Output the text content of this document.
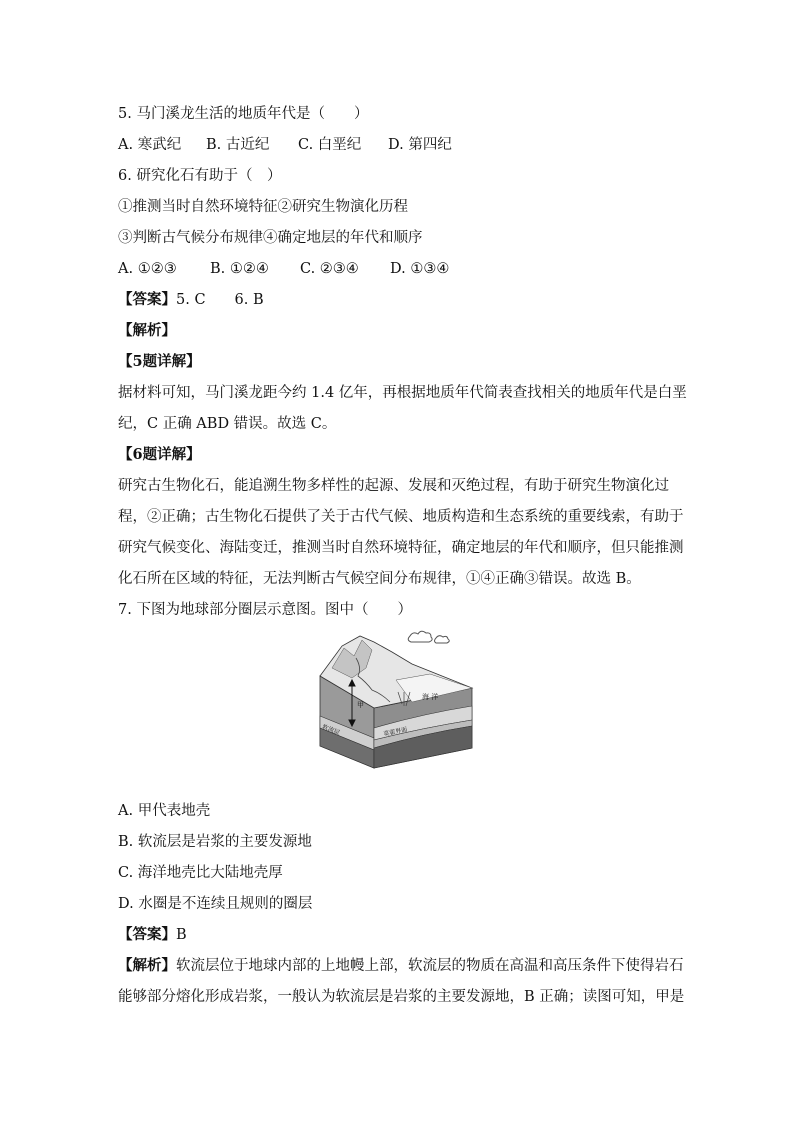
5. 马门溪龙生活的地质年代是（　　）
A. 寒武纪 B. 古近纪 C. 白垩纪 D. 第四纪
6. 研究化石有助于（　）
①推测当时自然环境特征②研究生物演化历程
③判断古气候分布规律④确定地层的年代和顺序
A. ①②③ B. ①②④ C. ②③④ D. ①③④
【答案】5. C　　6. B
【解析】
【5题详解】
据材料可知，马门溪龙距今约 1.4 亿年，再根据地质年代简表查找相关的地质年代是白垩
纪，C 正确 ABD 错误。故选 C。
【6题详解】
研究古生物化石，能追溯生物多样性的起源、发展和灭绝过程，有助于研究生物演化过
程，②正确；古生物化石提供了关于古代气候、地质构造和生态系统的重要线索，有助于
研究气候变化、海陆变迁，推测当时自然环境特征，确定地层的年代和顺序，但只能推测
化石所在区域的特征，无法判断古气候空间分布规律，①④正确③错误。故选 B。
7. 下图为地球部分圈层示意图。图中（　　）
甲
海 洋
软流层	莫霍界面
A. 甲代表地壳
B. 软流层是岩浆的主要发源地
C. 海洋地壳比大陆地壳厚
D. 水圈是不连续且规则的圈层
【答案】B
【解析】软流层位于地球内部的上地幔上部，软流层的物质在高温和高压条件下使得岩石
能够部分熔化形成岩浆，一般认为软流层是岩浆的主要发源地，B 正确；读图可知，甲是
